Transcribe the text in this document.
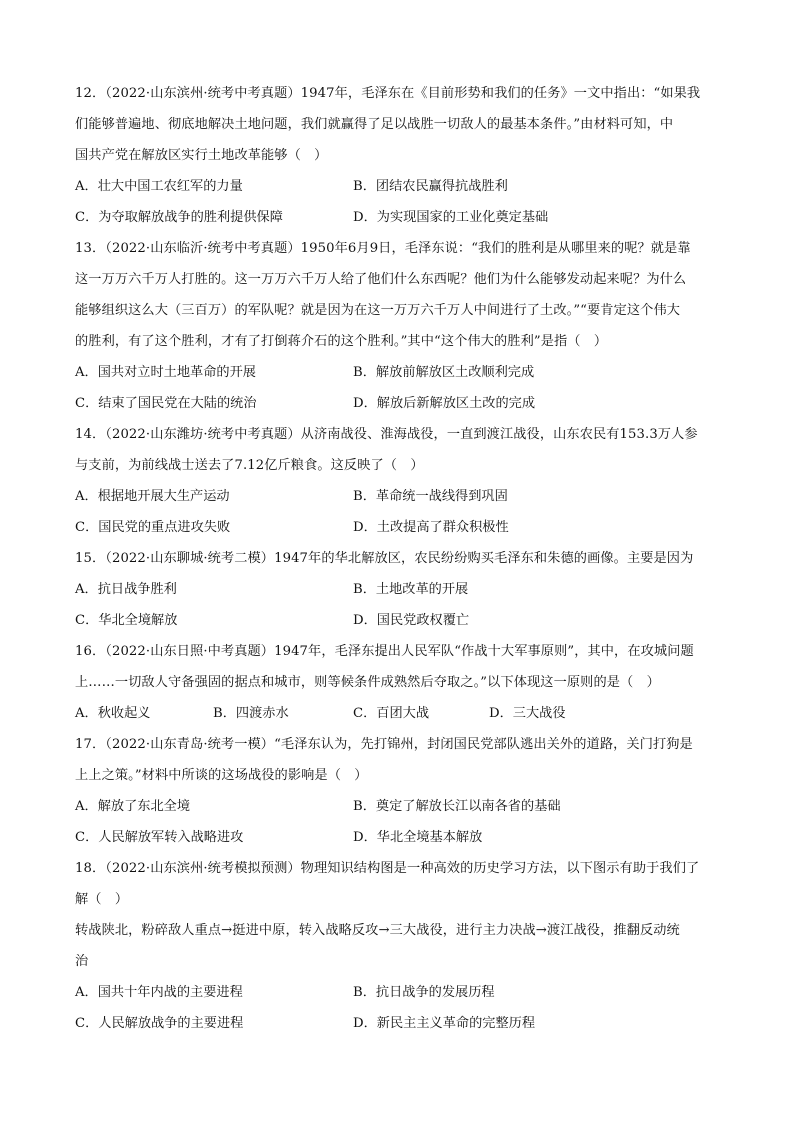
12．（2022·山东滨州·统考中考真题）1947年，毛泽东在《目前形势和我们的任务》一文中指出：“如果我
们能够普遍地、彻底地解决土地问题，我们就赢得了足以战胜一切敌人的最基本条件。”由材料可知，中
国共产党在解放区实行土地改革能够（　）
A．壮大中国工农红军的力量	B．团结农民赢得抗战胜利
C．为夺取解放战争的胜利提供保障	D．为实现国家的工业化奠定基础
13．（2022·山东临沂·统考中考真题）1950年6月9日，毛泽东说：“我们的胜利是从哪里来的呢？就是靠
这一万万六千万人打胜的。这一万万六千万人给了他们什么东西呢？他们为什么能够发动起来呢？为什么
能够组织这么大（三百万）的军队呢？就是因为在这一万万六千万人中间进行了土改。”“要肯定这个伟大
的胜利，有了这个胜利，才有了打倒蒋介石的这个胜利。”其中“这个伟大的胜利”是指（　）
A．国共对立时土地革命的开展	B．解放前解放区土改顺利完成
C．结束了国民党在大陆的统治	D．解放后新解放区土改的完成
14．（2022·山东潍坊·统考中考真题）从济南战役、淮海战役，一直到渡江战役，山东农民有153.3万人参
与支前，为前线战士送去了7.12亿斤粮食。这反映了（　）
A．根据地开展大生产运动	B．革命统一战线得到巩固
C．国民党的重点进攻失败	D．土改提高了群众积极性
15．（2022·山东聊城·统考二模）1947年的华北解放区，农民纷纷购买毛泽东和朱德的画像。主要是因为
A．抗日战争胜利	B．土地改革的开展
C．华北全境解放	D．国民党政权覆亡
16．（2022·山东日照·中考真题）1947年，毛泽东提出人民军队“作战十大军事原则”，其中，在攻城问题
上……一切敌人守备强固的据点和城市，则等候条件成熟然后夺取之。”以下体现这一原则的是（　）
A．秋收起义	B．四渡赤水	C．百团大战	D．三大战役
17．（2022·山东青岛·统考一模）“毛泽东认为，先打锦州，封闭国民党部队逃出关外的道路，关门打狗是
上上之策。”材料中所谈的这场战役的影响是（　）
A．解放了东北全境	B．奠定了解放长江以南各省的基础
C．人民解放军转入战略进攻	D．华北全境基本解放
18．（2022·山东滨州·统考模拟预测）物理知识结构图是一种高效的历史学习方法，以下图示有助于我们了
解（　）
转战陕北，粉碎敌人重点→挺进中原，转入战略反攻→三大战役，进行主力决战→渡江战役，推翻反动统
治
A．国共十年内战的主要进程	B．抗日战争的发展历程
C．人民解放战争的主要进程	D．新民主主义革命的完整历程
